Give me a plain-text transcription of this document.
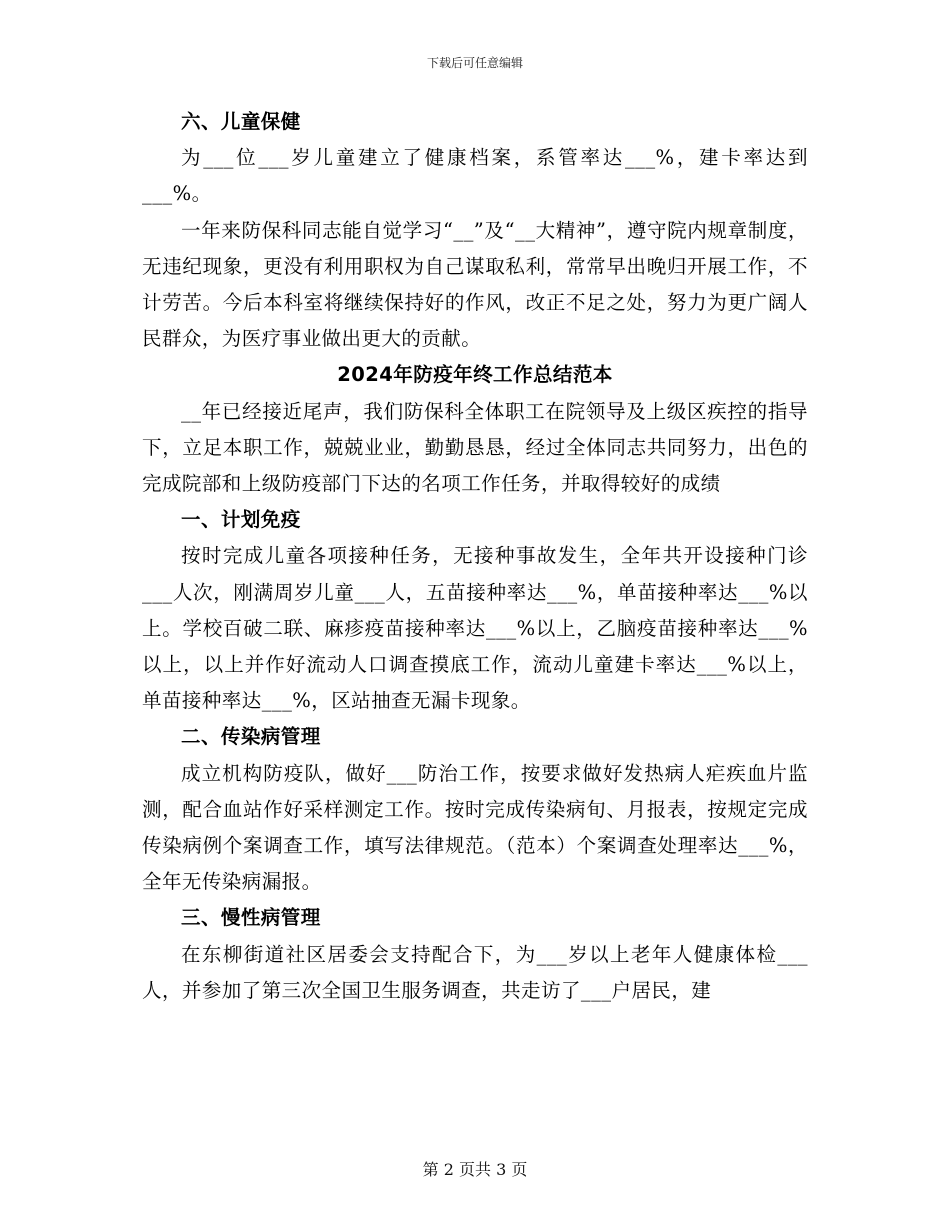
下载后可任意编辑

六、儿童保健

为___位___岁儿童建立了健康档案，系管率达___%，建卡率达到___%。

一年来防保科同志能自觉学习“__”及“__大精神”，遵守院内规章制度，无违纪现象，更没有利用职权为自己谋取私利，常常早出晚归开展工作，不计劳苦。今后本科室将继续保持好的作风，改正不足之处，努力为更广阔人民群众，为医疗事业做出更大的贡献。

2024年防疫年终工作总结范本

__年已经接近尾声，我们防保科全体职工在院领导及上级区疾控的指导下，立足本职工作，兢兢业业，勤勤恳恳，经过全体同志共同努力，出色的完成院部和上级防疫部门下达的名项工作任务，并取得较好的成绩

一、计划免疫

按时完成儿童各项接种任务，无接种事故发生，全年共开设接种门诊___人次，刚满周岁儿童___人，五苗接种率达___%，单苗接种率达___%以上。学校百破二联、麻疹疫苗接种率达___%以上，乙脑疫苗接种率达___%以上，以上并作好流动人口调查摸底工作，流动儿童建卡率达___%以上，单苗接种率达___%，区站抽查无漏卡现象。

二、传染病管理

成立机构防疫队，做好___防治工作，按要求做好发热病人疟疾血片监测，配合血站作好采样测定工作。按时完成传染病旬、月报表，按规定完成传染病例个案调查工作，填写法律规范。（范本）个案调查处理率达___%，全年无传染病漏报。

三、慢性病管理

在东柳街道社区居委会支持配合下，为___岁以上老年人健康体检___人，并参加了第三次全国卫生服务调查，共走访了___户居民，建

第 2 页共 3 页
